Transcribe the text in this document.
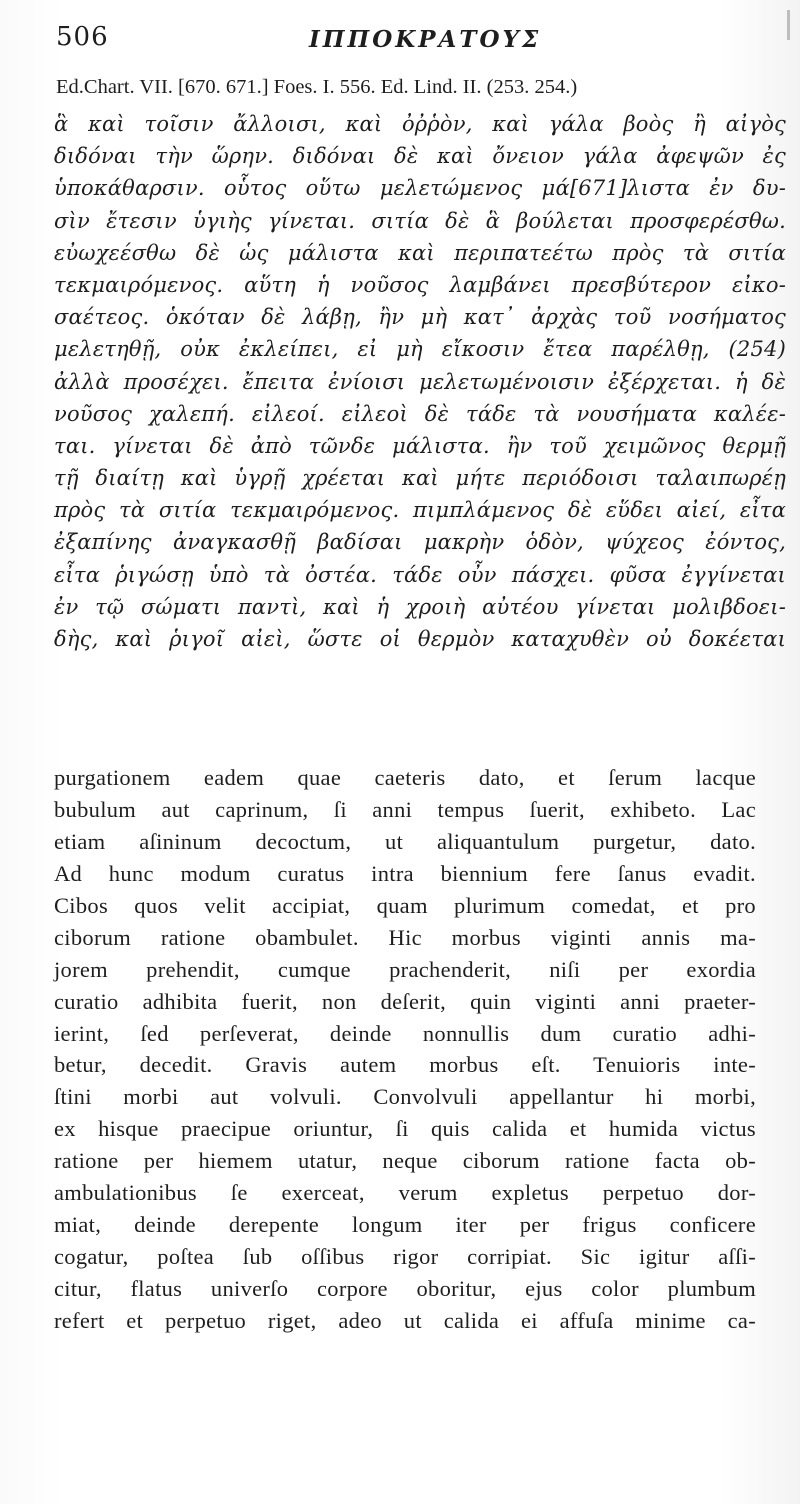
506	ΙΠΠΟΚΡΑΤΟΥΣ
Ed.Chart. VII. [670. 671.] Foes. I. 556. Ed. Lind. II. (253. 254.)
ἃ καὶ τοῖσιν ἄλλοισι, καὶ ὀῤῥὸν, καὶ γάλα βοὸς ἢ αἰγὸς
διδόναι τὴν ὥρην. διδόναι δὲ καὶ ὄνειον γάλα ἀφεψῶν ἐς
ὑποκάθαρσιν. οὗτος οὕτω μελετώμενος μά[671]λιστα ἐν δυ-
σὶν ἔτεσιν ὑγιὴς γίνεται. σιτία δὲ ἃ βούλεται προσφερέσθω.
εὐωχεέσθω δὲ ὡς μάλιστα καὶ περιπατεέτω πρὸς τὰ σιτία
τεκμαιρόμενος. αὕτη ἡ νοῦσος λαμβάνει πρεσβύτερον εἰκο-
σαέτεος. ὁκόταν δὲ λάβῃ, ἢν μὴ κατ᾽ ἀρχὰς τοῦ νοσήματος
μελετηθῇ, οὐκ ἐκλείπει, εἰ μὴ εἴκοσιν ἔτεα παρέλθῃ, (254)
ἀλλὰ προσέχει. ἔπειτα ἐνίοισι μελετωμένοισιν ἐξέρχεται. ἡ δὲ
νοῦσος χαλεπή. εἰλεοί. εἰλεοὶ δὲ τάδε τὰ νουσήματα καλέε-
ται. γίνεται δὲ ἀπὸ τῶνδε μάλιστα. ἢν τοῦ χειμῶνος θερμῇ
τῇ διαίτῃ καὶ ὑγρῇ χρέεται καὶ μήτε περιόδοισι ταλαιπωρέῃ
πρὸς τὰ σιτία τεκμαιρόμενος. πιμπλάμενος δὲ εὕδει αἰεί, εἶτα
ἐξαπίνης ἀναγκασθῇ βαδίσαι μακρὴν ὁδὸν, ψύχεος ἐόντος,
εἶτα ῥιγώσῃ ὑπὸ τὰ ὀστέα. τάδε οὖν πάσχει. φῦσα ἐγγίνεται
ἐν τῷ σώματι παντὶ, καὶ ἡ χροιὴ αὐτέου γίνεται μολιβδοει-
δὴς, καὶ ῥιγοῖ αἰεὶ, ὥστε οἱ θερμὸν καταχυθὲν οὐ δοκέεται
purgationem eadem quae caeteris dato, et ſerum lacque
bubulum aut caprinum, ſi anni tempus ſuerit, exhibeto. Lac
etiam aſininum decoctum, ut aliquantulum purgetur, dato.
Ad hunc modum curatus intra biennium fere ſanus evadit.
Cibos quos velit accipiat, quam plurimum comedat, et pro
ciborum ratione obambulet. Hic morbus viginti annis ma-
jorem prehendit, cumque prachenderit, niſi per exordia
curatio adhibita fuerit, non deſerit, quin viginti anni praeter-
ierint, ſed perſeverat, deinde nonnullis dum curatio adhi-
betur, decedit. Gravis autem morbus eſt. Tenuioris inte-
ſtini morbi aut volvuli. Convolvuli appellantur hi morbi,
ex hisque praecipue oriuntur, ſi quis calida et humida victus
ratione per hiemem utatur, neque ciborum ratione facta ob-
ambulationibus ſe exerceat, verum expletus perpetuo dor-
miat, deinde derepente longum iter per frigus conficere
cogatur, poſtea ſub oſſibus rigor corripiat. Sic igitur aſſi-
citur, flatus univerſo corpore oboritur, ejus color plumbum
refert et perpetuo riget, adeo ut calida ei affuſa minime ca-
